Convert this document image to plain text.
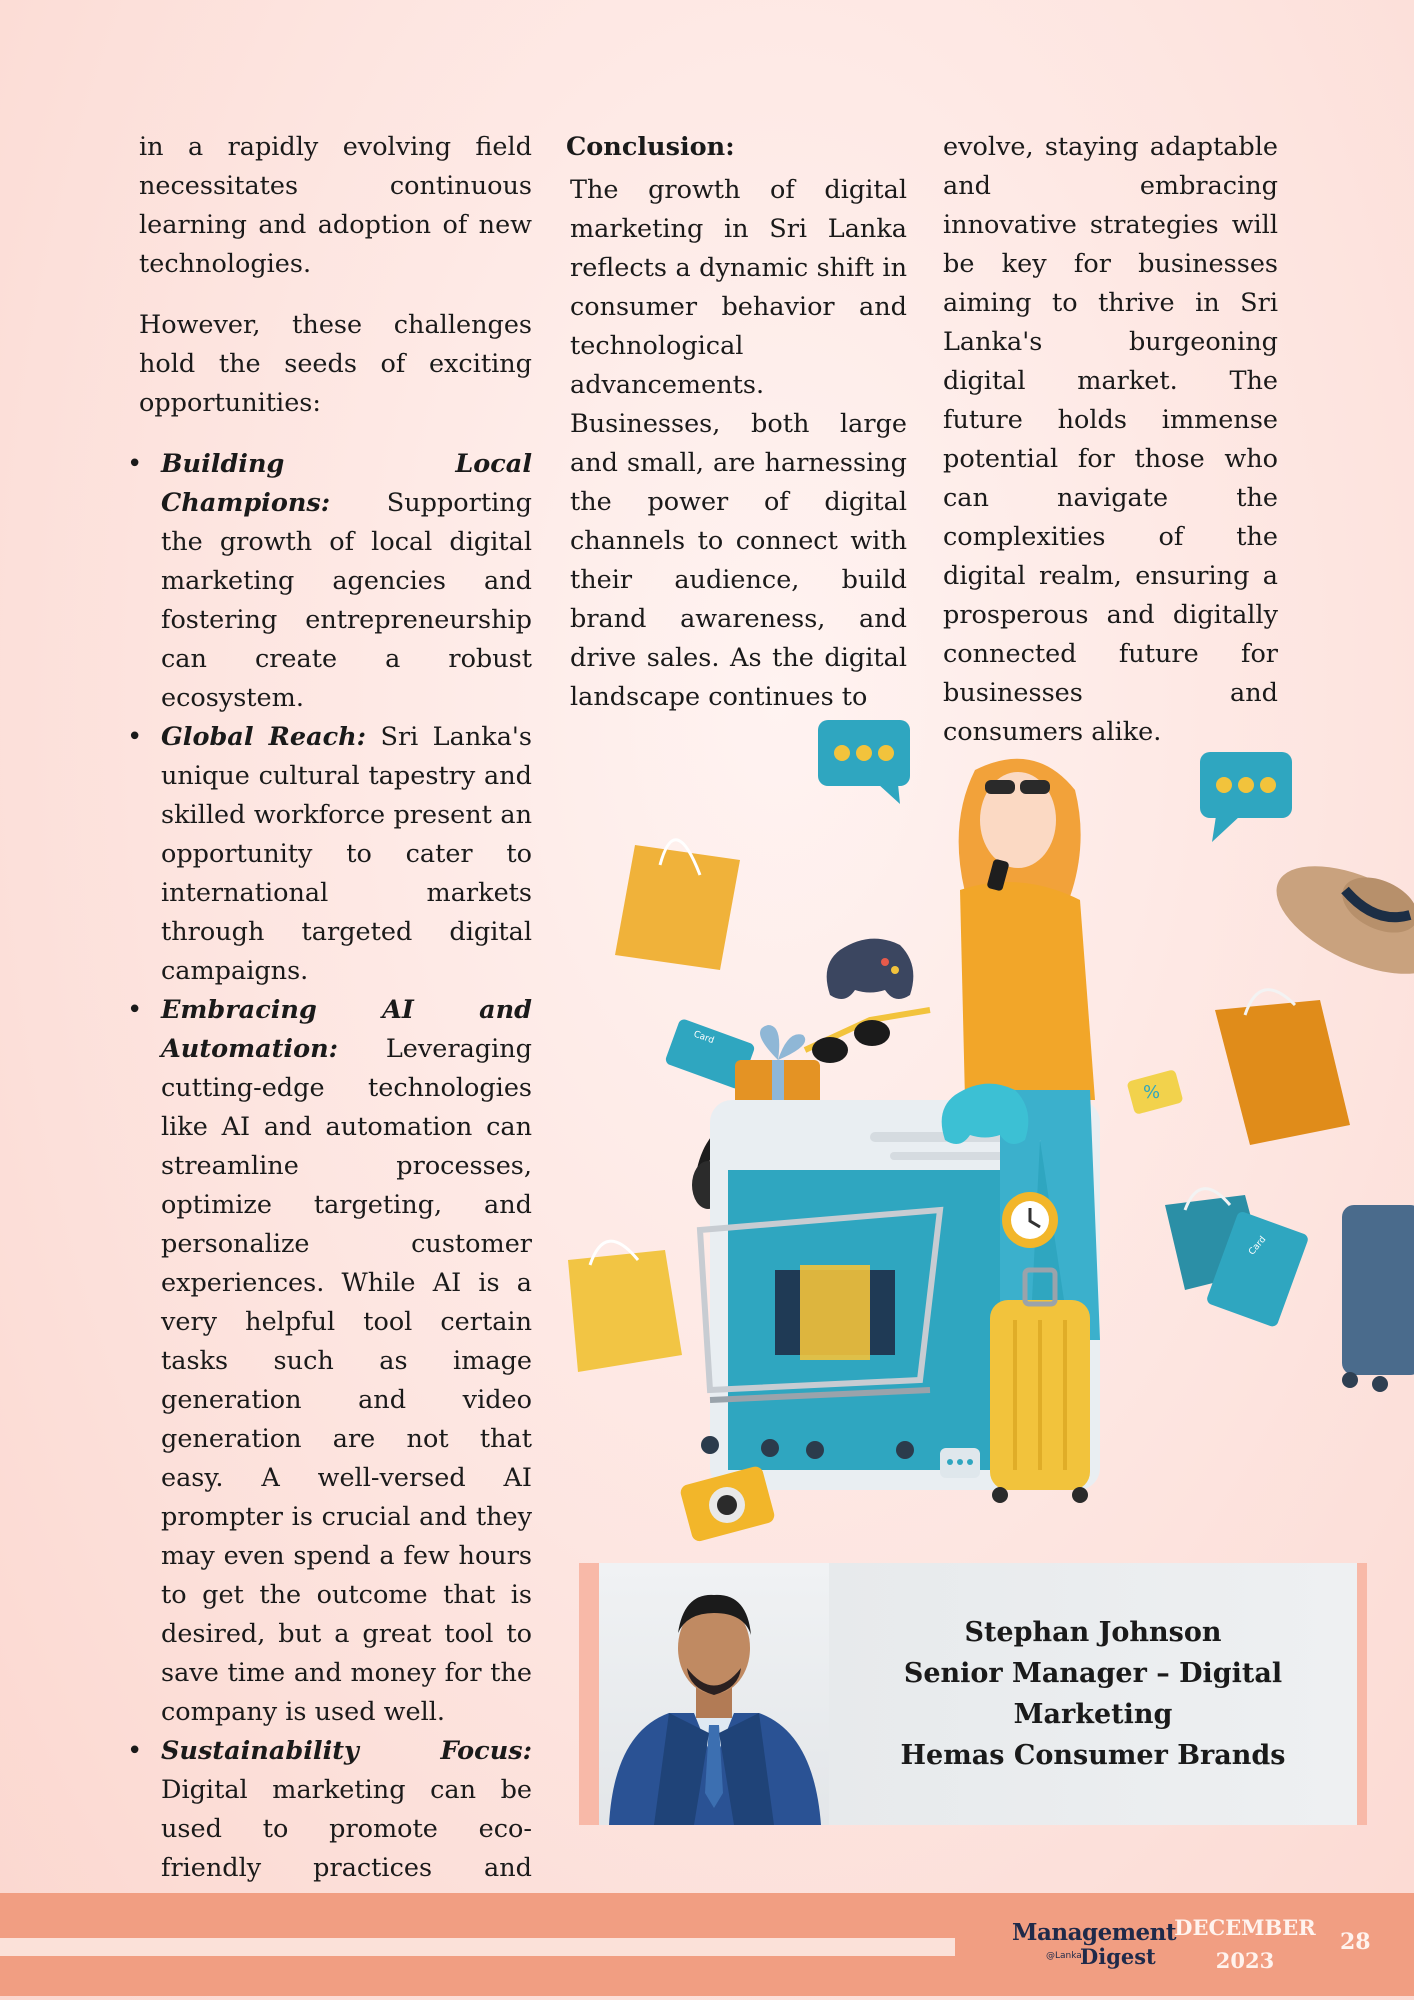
in a rapidly evolving field necessitates continuous learning and adoption of new technologies.

However, these challenges hold the seeds of exciting opportunities:

• Building Local Champions: Supporting the growth of local digital marketing agencies and fostering entrepreneurship can create a robust ecosystem.
• Global Reach: Sri Lanka's unique cultural tapestry and skilled workforce present an opportunity to cater to international markets through targeted digital campaigns.
• Embracing AI and Automation: Leveraging cutting-edge technologies like AI and automation can streamline processes, optimize targeting, and personalize customer experiences. While AI is a very helpful tool certain tasks such as image generation and video generation are not that easy. A well-versed AI prompter is crucial and they may even spend a few hours to get the outcome that is desired, but a great tool to save time and money for the company is used well.
• Sustainability Focus: Digital marketing can be used to promote eco-friendly practices and
Conclusion:

The growth of digital marketing in Sri Lanka reflects a dynamic shift in consumer behavior and technological advancements. Businesses, both large and small, are harnessing the power of digital channels to connect with their audience, build brand awareness, and drive sales. As the digital landscape continues to

evolve, staying adaptable and embracing innovative strategies will be key for businesses aiming to thrive in Sri Lanka's burgeoning digital market. The future holds immense potential for those who can navigate the complexities of the digital realm, ensuring a prosperous and digitally connected future for businesses and consumers alike.

Card
%
Card
Stephan Johnson
Senior Manager – Digital Marketing
Hemas Consumer Brands
Management
@Lanka
Digest
DECEMBER
2023
28
